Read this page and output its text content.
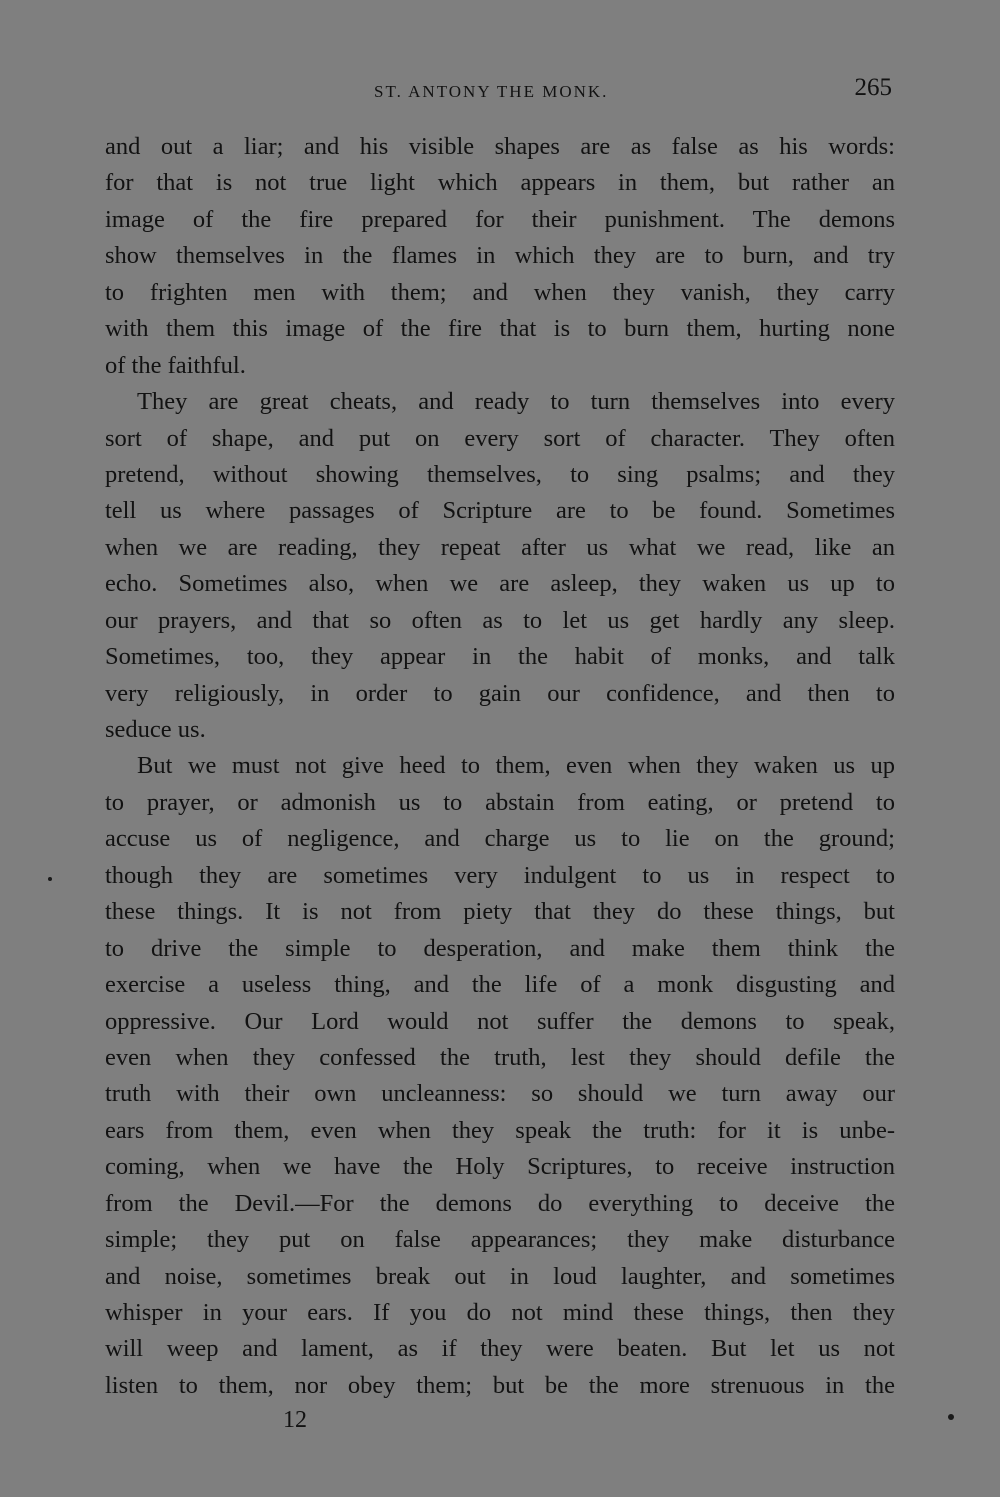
ST. ANTONY THE MONK.	265
and out a liar; and his visible shapes are as false as his words:
for that is not true light which appears in them, but rather an
image of the fire prepared for their punishment. The demons
show themselves in the flames in which they are to burn, and try
to frighten men with them; and when they vanish, they carry
with them this image of the fire that is to burn them, hurting none
of the faithful.
They are great cheats, and ready to turn themselves into every
sort of shape, and put on every sort of character. They often
pretend, without showing themselves, to sing psalms; and they
tell us where passages of Scripture are to be found. Sometimes
when we are reading, they repeat after us what we read, like an
echo. Sometimes also, when we are asleep, they waken us up to
our prayers, and that so often as to let us get hardly any sleep.
Sometimes, too, they appear in the habit of monks, and talk
very religiously, in order to gain our confidence, and then to
seduce us.
But we must not give heed to them, even when they waken us up
to prayer, or admonish us to abstain from eating, or pretend to
accuse us of negligence, and charge us to lie on the ground;
though they are sometimes very indulgent to us in respect to
these things. It is not from piety that they do these things, but
to drive the simple to desperation, and make them think the
exercise a useless thing, and the life of a monk disgusting and
oppressive. Our Lord would not suffer the demons to speak,
even when they confessed the truth, lest they should defile the
truth with their own uncleanness: so should we turn away our
ears from them, even when they speak the truth: for it is unbe-
coming, when we have the Holy Scriptures, to receive instruction
from the Devil.—For the demons do everything to deceive the
simple; they put on false appearances; they make disturbance
and noise, sometimes break out in loud laughter, and sometimes
whisper in your ears. If you do not mind these things, then they
will weep and lament, as if they were beaten. But let us not
listen to them, nor obey them; but be the more strenuous in the
12
